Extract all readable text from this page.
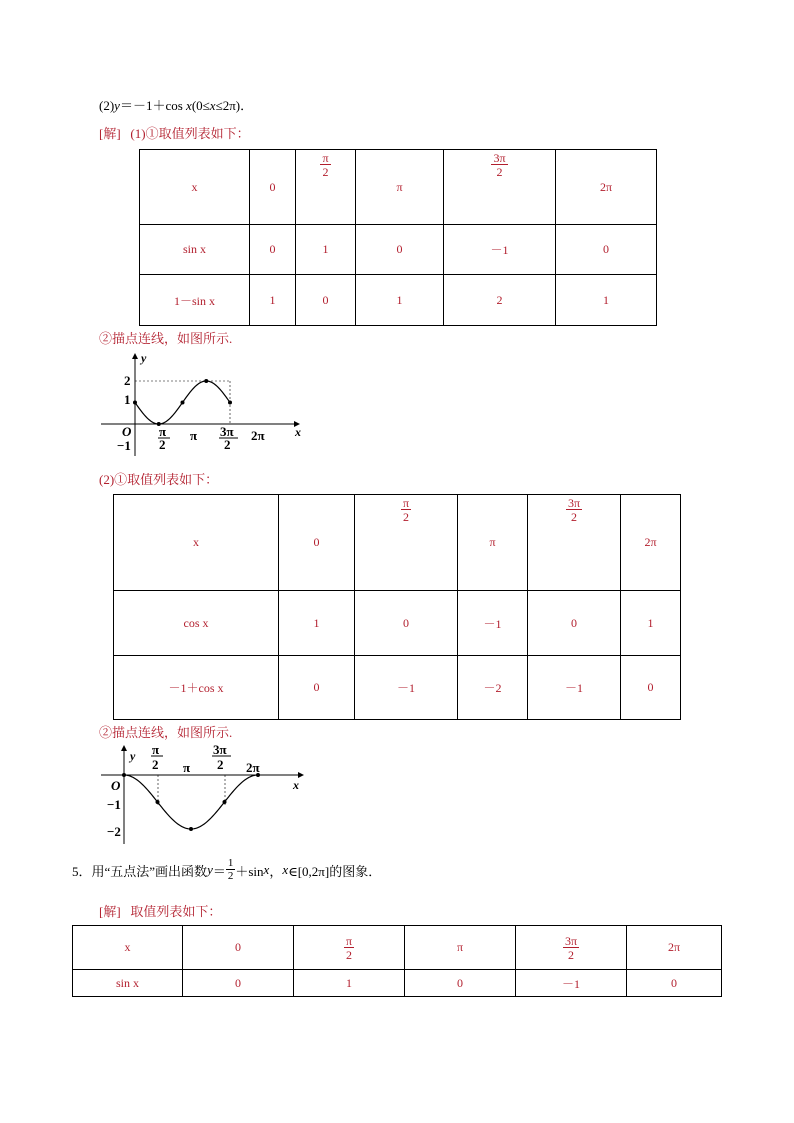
(2)y＝－1＋cos x(0≤x≤2π)．
[解] (1)①取值列表如下：
x	0	$\frac{\pi}{2}$	π	$\frac{3\pi}{2}$	2π
sin x	0	1	0	－1	0
1－sin x	1	0	1	2	1
②描点连线，如图所示.
y
x
O
2
1
−1
π
2
π 3π
2
2π
(2)①取值列表如下：
x	0	$\frac{\pi}{2}$	π	$\frac{3\pi}{2}$	2π
cos x	1	0	－1	0	1
－1＋cos x	0	－1	－2	－1	0
②描点连线，如图所示.
y
x
O
−1
−2
π
2 π
3π
2 2π
5． 用“五点法”画出函数 $y = \frac{1}{2} +\sin$ x ， x ∈[0,2π]的图象．
[解] 取值列表如下：
x	0	$\frac{\pi}{2}$	π	$\frac{3\pi}{2}$	2π
sin x	0	1	0	－1	0
